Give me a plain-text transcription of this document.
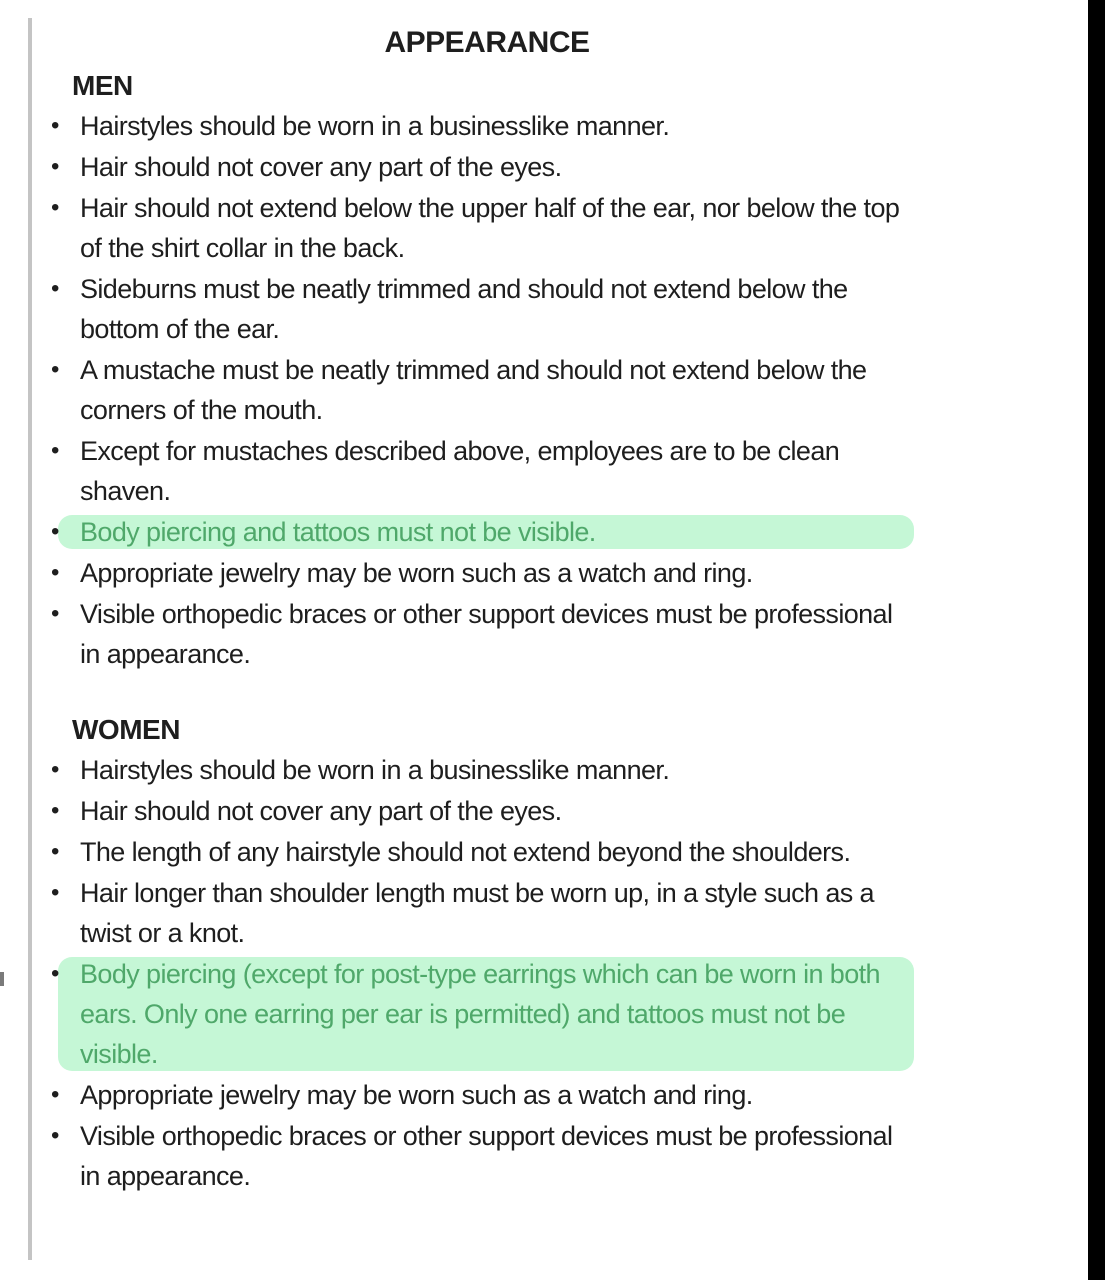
APPEARANCE
MEN
• Hairstyles should be worn in a businesslike manner.
• Hair should not cover any part of the eyes.
• Hair should not extend below the upper half of the ear, nor below the top of the shirt collar in the back.
• Sideburns must be neatly trimmed and should not extend below the bottom of the ear.
• A mustache must be neatly trimmed and should not extend below the corners of the mouth.
• Except for mustaches described above, employees are to be clean shaven.
• Body piercing and tattoos must not be visible.
• Appropriate jewelry may be worn such as a watch and ring.
• Visible orthopedic braces or other support devices must be professional in appearance.
WOMEN
• Hairstyles should be worn in a businesslike manner.
• Hair should not cover any part of the eyes.
• The length of any hairstyle should not extend beyond the shoulders.
• Hair longer than shoulder length must be worn up, in a style such as a twist or a knot.
• Body piercing (except for post-type earrings which can be worn in both ears. Only one earring per ear is permitted) and tattoos must not be visible.
• Appropriate jewelry may be worn such as a watch and ring.
• Visible orthopedic braces or other support devices must be professional in appearance.
